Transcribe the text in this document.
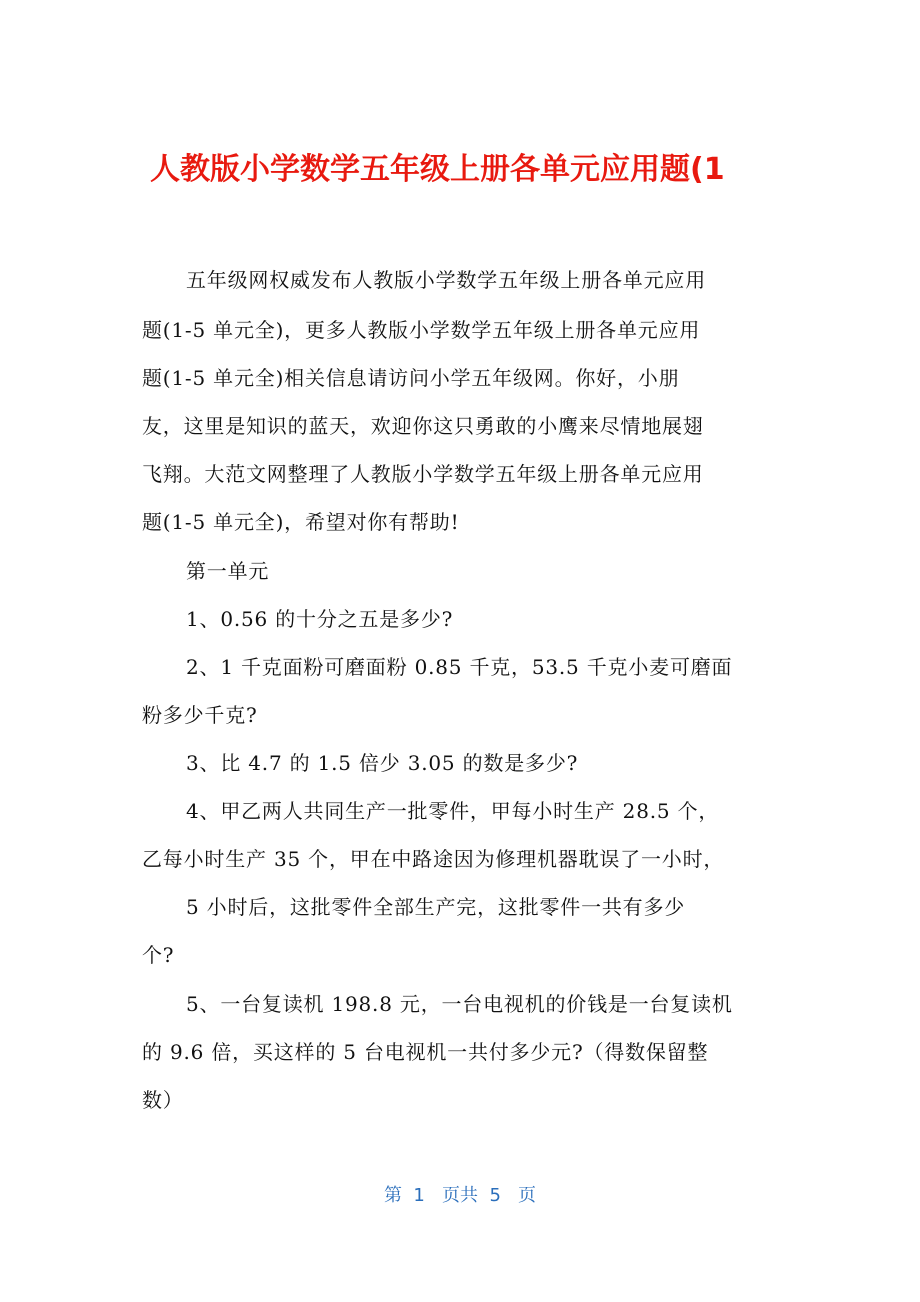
人教版小学数学五年级上册各单元应用题(1

五年级网权威发布人教版小学数学五年级上册各单元应用

题(1-5 单元全)，更多人教版小学数学五年级上册各单元应用

题(1-5 单元全)相关信息请访问小学五年级网。你好，小朋

友，这里是知识的蓝天，欢迎你这只勇敢的小鹰来尽情地展翅

飞翔。大范文网整理了人教版小学数学五年级上册各单元应用

题(1-5 单元全)，希望对你有帮助!

第一单元

1、0.56 的十分之五是多少?

2、1 千克面粉可磨面粉 0.85 千克，53.5 千克小麦可磨面

粉多少千克?

3、比 4.7 的 1.5 倍少 3.05 的数是多少?

4、甲乙两人共同生产一批零件，甲每小时生产 28.5 个，

乙每小时生产 35 个，甲在中路途因为修理机器耽误了一小时，

5 小时后，这批零件全部生产完，这批零件一共有多少

个?

5、一台复读机 198.8 元，一台电视机的价钱是一台复读机

的 9.6 倍，买这样的 5 台电视机一共付多少元?（得数保留整

数）

第  1   页共  5   页
